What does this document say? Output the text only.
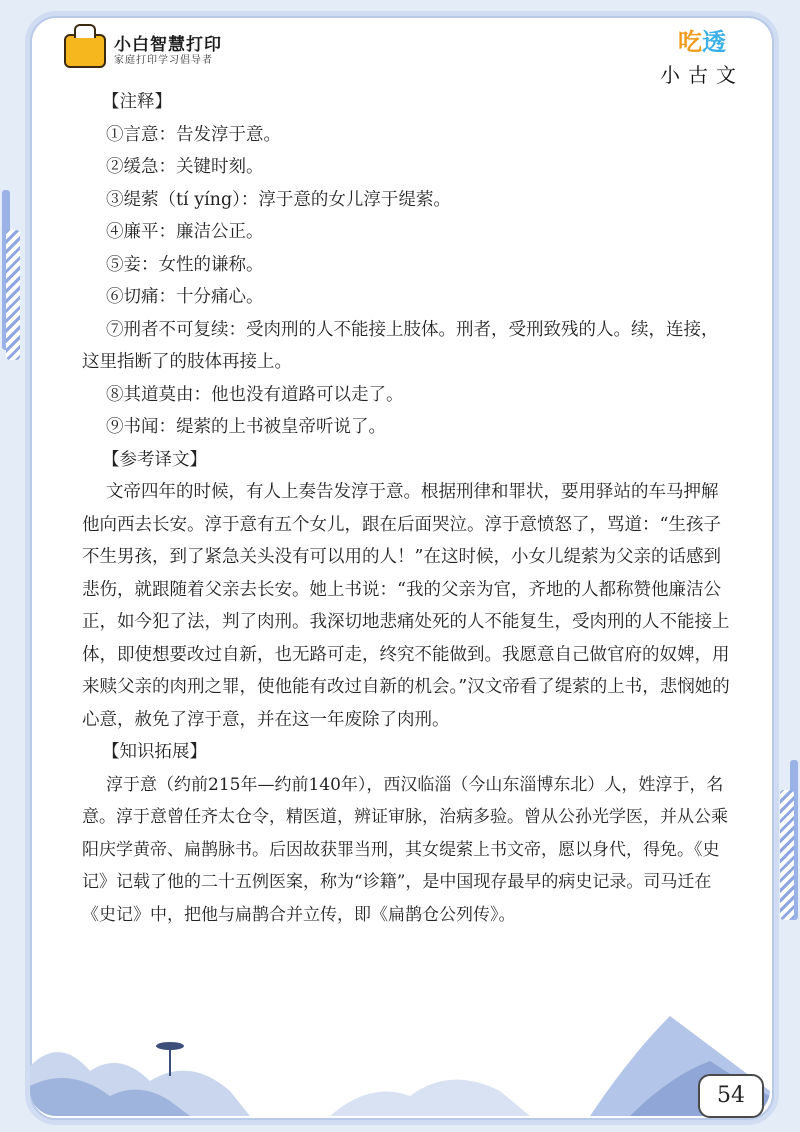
小白智慧打印
家庭打印学习倡导者
吃透
小古文

【注释】

①言意：告发淳于意。

②缓急：关键时刻。

③缇萦（tí yíng）：淳于意的女儿淳于缇萦。

④廉平：廉洁公正。

⑤妾：女性的谦称。

⑥切痛：十分痛心。

⑦刑者不可复续：受肉刑的人不能接上肢体。刑者，受刑致残的人。续，连接，这里指断了的肢体再接上。

⑧其道莫由：他也没有道路可以走了。

⑨书闻：缇萦的上书被皇帝听说了。

【参考译文】

文帝四年的时候，有人上奏告发淳于意。根据刑律和罪状，要用驿站的车马押解他向西去长安。淳于意有五个女儿，跟在后面哭泣。淳于意愤怒了，骂道：“生孩子不生男孩，到了紧急关头没有可以用的人！”在这时候，小女儿缇萦为父亲的话感到悲伤，就跟随着父亲去长安。她上书说：“我的父亲为官，齐地的人都称赞他廉洁公正，如今犯了法，判了肉刑。我深切地悲痛处死的人不能复生，受肉刑的人不能接上体，即使想要改过自新，也无路可走，终究不能做到。我愿意自己做官府的奴婢，用来赎父亲的肉刑之罪，使他能有改过自新的机会。”汉文帝看了缇萦的上书，悲悯她的心意，赦免了淳于意，并在这一年废除了肉刑。

【知识拓展】

淳于意（约前215年—约前140年），西汉临淄（今山东淄博东北）人，姓淳于，名意。淳于意曾任齐太仓令，精医道，辨证审脉，治病多验。曾从公孙光学医，并从公乘阳庆学黄帝、扁鹊脉书。后因故获罪当刑，其女缇萦上书文帝，愿以身代，得免。《史记》记载了他的二十五例医案，称为“诊籍”，是中国现存最早的病史记录。司马迁在《史记》中，把他与扁鹊合并立传，即《扁鹊仓公列传》。

54
